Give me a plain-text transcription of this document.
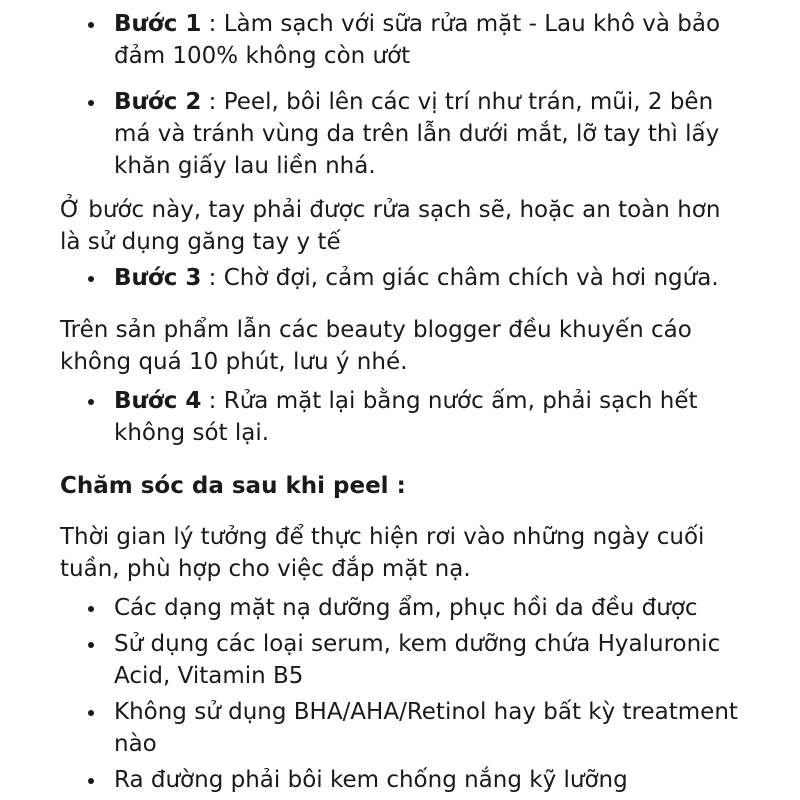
Bước 1 : Làm sạch với sữa rửa mặt - Lau khô và bảo đảm 100% không còn ướt
Bước 2 : Peel, bôi lên các vị trí như trán, mũi, 2 bên má và tránh vùng da trên lẫn dưới mắt, lỡ tay thì lấy khăn giấy lau liền nhá.

Ở bước này, tay phải được rửa sạch sẽ, hoặc an toàn hơn là sử dụng găng tay y tế

Bước 3 : Chờ đợi, cảm giác châm chích và hơi ngứa.

Trên sản phẩm lẫn các beauty blogger đều khuyến cáo không quá 10 phút, lưu ý nhé.

Bước 4 : Rửa mặt lại bằng nước ấm, phải sạch hết không sót lại.

Chăm sóc da sau khi peel :

Thời gian lý tưởng để thực hiện rơi vào những ngày cuối tuần, phù hợp cho việc đắp mặt nạ.

Các dạng mặt nạ dưỡng ẩm, phục hồi da đều được
Sử dụng các loại serum, kem dưỡng chứa Hyaluronic Acid, Vitamin B5
Không sử dụng BHA/AHA/Retinol hay bất kỳ treatment nào
Ra đường phải bôi kem chống nắng kỹ lưỡng
